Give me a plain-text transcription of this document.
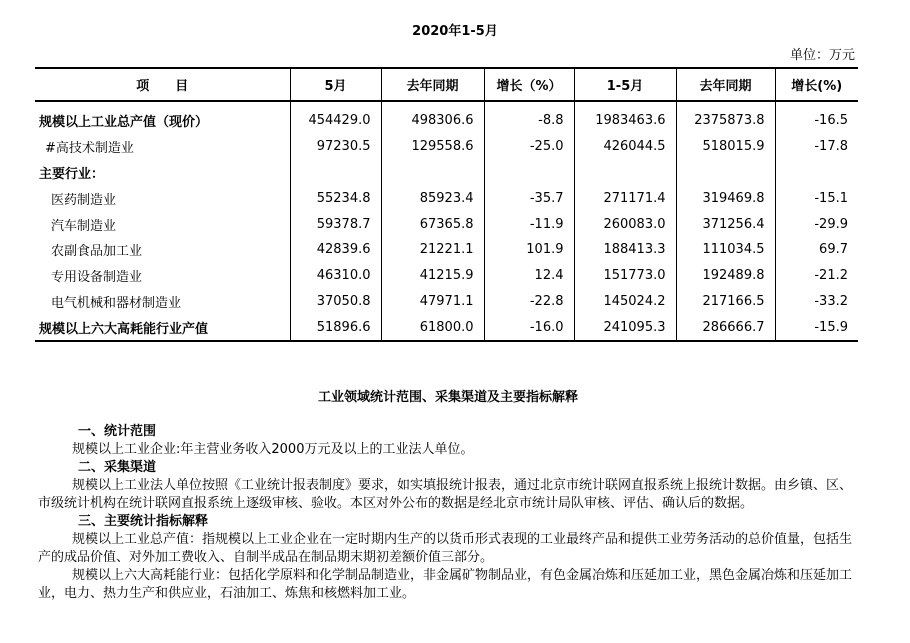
2020年1-5月
单位：万元
项　　目	5月	去年同期	增长（%）	1-5月	去年同期	增长(%)
规模以上工业总产值（现价）	454429.0	498306.6	-8.8	1983463.6	2375873.8	-16.5
#高技术制造业	97230.5	129558.6	-25.0	426044.5	518015.9	-17.8
主要行业：						
医药制造业	55234.8	85923.4	-35.7	271171.4	319469.8	-15.1
汽车制造业	59378.7	67365.8	-11.9	260083.0	371256.4	-29.9
农副食品加工业	42839.6	21221.1	101.9	188413.3	111034.5	69.7
专用设备制造业	46310.0	41215.9	12.4	151773.0	192489.8	-21.2
电气机械和器材制造业	37050.8	47971.1	-22.8	145024.2	217166.5	-33.2
规模以上六大高耗能行业产值	51896.6	61800.0	-16.0	241095.3	286666.7	-15.9
工业领域统计范围、采集渠道及主要指标解释
一、统计范围
规模以上工业企业:年主营业务收入2000万元及以上的工业法人单位。
二、采集渠道
规模以上工业法人单位按照《工业统计报表制度》要求，如实填报统计报表，通过北京市统计联网直报系统上报统计数据。由乡镇、区、市级统计机构在统计联网直报系统上逐级审核、验收。本区对外公布的数据是经北京市统计局队审核、评估、确认后的数据。
三、主要统计指标解释
规模以上工业总产值：指规模以上工业企业在一定时期内生产的以货币形式表现的工业最终产品和提供工业劳务活动的总价值量，包括生产的成品价值、对外加工费收入、自制半成品在制品期末期初差额价值三部分。
规模以上六大高耗能行业：包括化学原料和化学制品制造业，非金属矿物制品业，有色金属冶炼和压延加工业，黑色金属冶炼和压延加工业，电力、热力生产和供应业，石油加工、炼焦和核燃料加工业。
